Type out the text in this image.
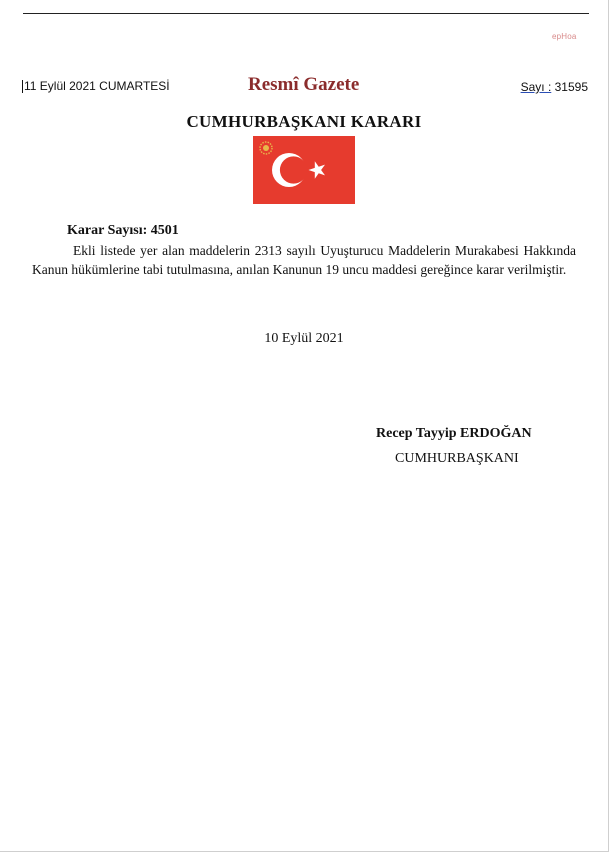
ерНоа
11 Eylül 2021 CUMARTESİ	Resmî Gazete	Sayı : 31595
CUMHURBAŞKANI KARARI
Karar Sayısı: 4501

Ekli listede yer alan maddelerin 2313 sayılı Uyuşturucu Maddelerin Murakabesi Hakkında Kanun hükümlerine tabi tutulmasına, anılan Kanunun 19 uncu maddesi gereğince karar verilmiştir.

10 Eylül 2021
Recep Tayyip ERDOĞAN
CUMHURBAŞKANI
